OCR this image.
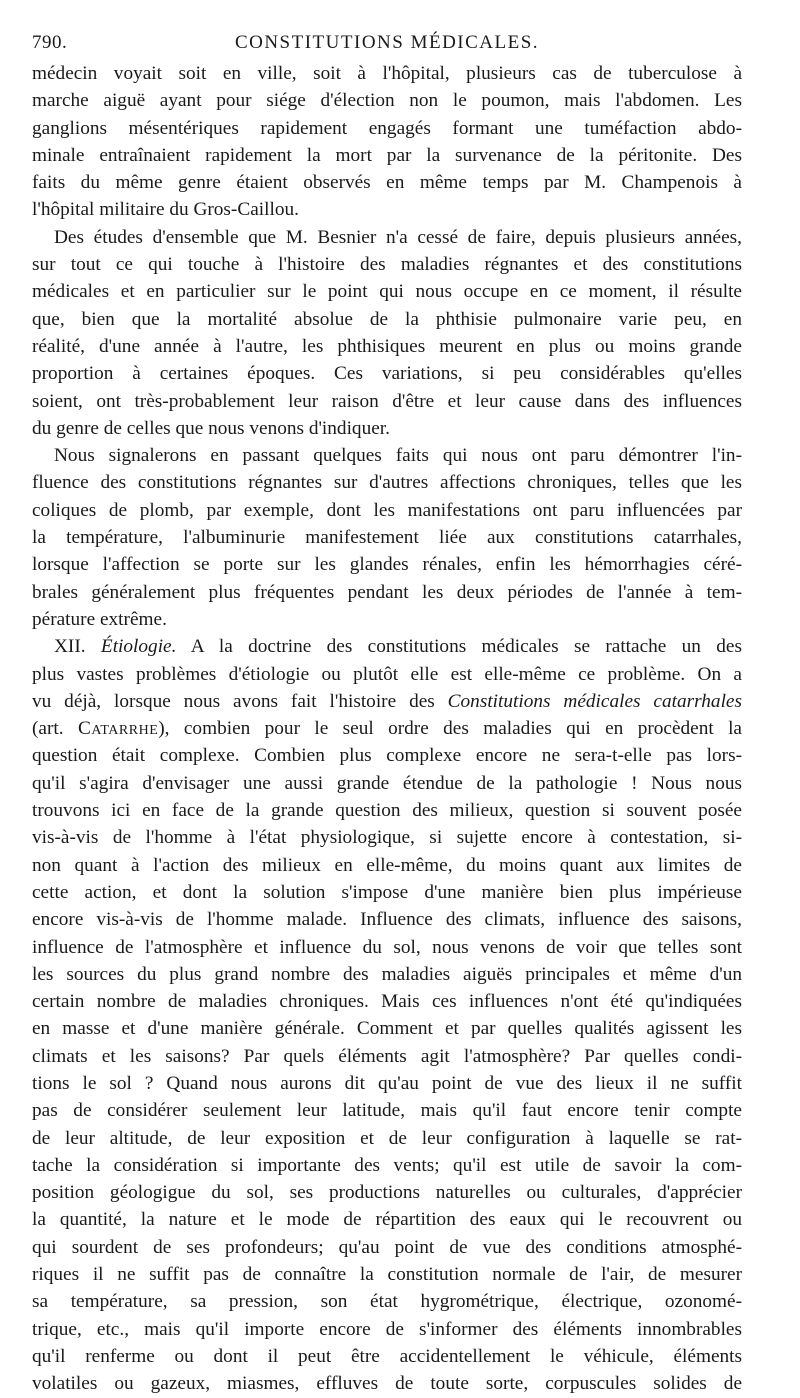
790.	CONSTITUTIONS MÉDICALES.
médecin voyait soit en ville, soit à l'hôpital, plusieurs cas de tuberculose à
marche aiguë ayant pour siége d'élection non le poumon, mais l'abdomen. Les
ganglions mésentériques rapidement engagés formant une tuméfaction abdo-
minale entraînaient rapidement la mort par la survenance de la péritonite. Des
faits du même genre étaient observés en même temps par M. Champenois à
l'hôpital militaire du Gros-Caillou.
Des études d'ensemble que M. Besnier n'a cessé de faire, depuis plusieurs années,
sur tout ce qui touche à l'histoire des maladies régnantes et des constitutions
médicales et en particulier sur le point qui nous occupe en ce moment, il résulte
que, bien que la mortalité absolue de la phthisie pulmonaire varie peu, en
réalité, d'une année à l'autre, les phthisiques meurent en plus ou moins grande
proportion à certaines époques. Ces variations, si peu considérables qu'elles
soient, ont très-probablement leur raison d'être et leur cause dans des influences
du genre de celles que nous venons d'indiquer.
Nous signalerons en passant quelques faits qui nous ont paru démontrer l'in-
fluence des constitutions régnantes sur d'autres affections chroniques, telles que les
coliques de plomb, par exemple, dont les manifestations ont paru influencées par
la température, l'albuminurie manifestement liée aux constitutions catarrhales,
lorsque l'affection se porte sur les glandes rénales, enfin les hémorrhagies céré-
brales généralement plus fréquentes pendant les deux périodes de l'année à tem-
pérature extrême.
XII. Étiologie. A la doctrine des constitutions médicales se rattache un des
plus vastes problèmes d'étiologie ou plutôt elle est elle-même ce problème. On a
vu déjà, lorsque nous avons fait l'histoire des Constitutions médicales catarrhales
(art. Catarrhe), combien pour le seul ordre des maladies qui en procèdent la
question était complexe. Combien plus complexe encore ne sera-t-elle pas lors-
qu'il s'agira d'envisager une aussi grande étendue de la pathologie ! Nous nous
trouvons ici en face de la grande question des milieux, question si souvent posée
vis-à-vis de l'homme à l'état physiologique, si sujette encore à contestation, si-
non quant à l'action des milieux en elle-même, du moins quant aux limites de
cette action, et dont la solution s'impose d'une manière bien plus impérieuse
encore vis-à-vis de l'homme malade. Influence des climats, influence des saisons,
influence de l'atmosphère et influence du sol, nous venons de voir que telles sont
les sources du plus grand nombre des maladies aiguës principales et même d'un
certain nombre de maladies chroniques. Mais ces influences n'ont été qu'indiquées
en masse et d'une manière générale. Comment et par quelles qualités agissent les
climats et les saisons? Par quels éléments agit l'atmosphère? Par quelles condi-
tions le sol ? Quand nous aurons dit qu'au point de vue des lieux il ne suffit
pas de considérer seulement leur latitude, mais qu'il faut encore tenir compte
de leur altitude, de leur exposition et de leur configuration à laquelle se rat-
tache la considération si importante des vents; qu'il est utile de savoir la com-
position géologigue du sol, ses productions naturelles ou culturales, d'apprécier
la quantité, la nature et le mode de répartition des eaux qui le recouvrent ou
qui sourdent de ses profondeurs; qu'au point de vue des conditions atmosphé-
riques il ne suffit pas de connaître la constitution normale de l'air, de mesurer
sa température, sa pression, son état hygrométrique, électrique, ozonomé-
trique, etc., mais qu'il importe encore de s'informer des éléments innombrables
qu'il renferme ou dont il peut être accidentellement le véhicule, éléments
volatiles ou gazeux, miasmes, effluves de toute sorte, corpuscules solides de
